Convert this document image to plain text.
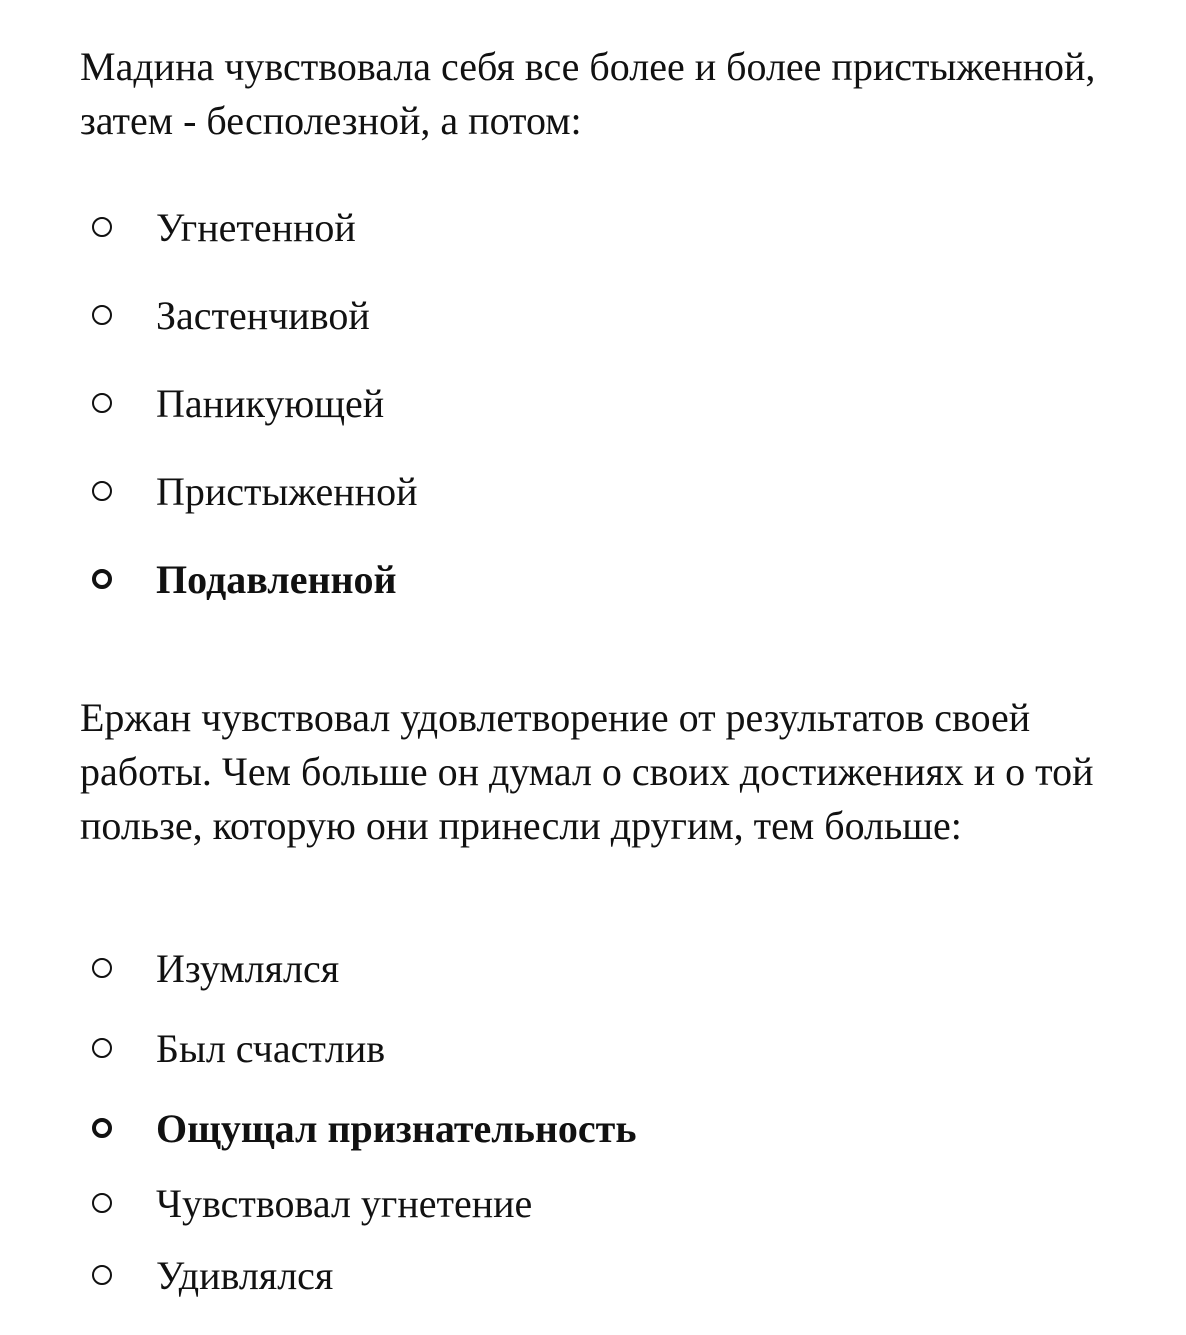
Мадина чувствовала себя все более и более пристыженной, затем - бесполезной, а потом:

Угнетенной
Застенчивой
Паникующей
Пристыженной
Подавленной

Ержан чувствовал удовлетворение от результатов своей работы. Чем больше он думал о своих достижениях и о той пользе, которую они принесли другим, тем больше:

Изумлялся
Был счастлив
Ощущал признательность
Чувствовал угнетение
Удивлялся
